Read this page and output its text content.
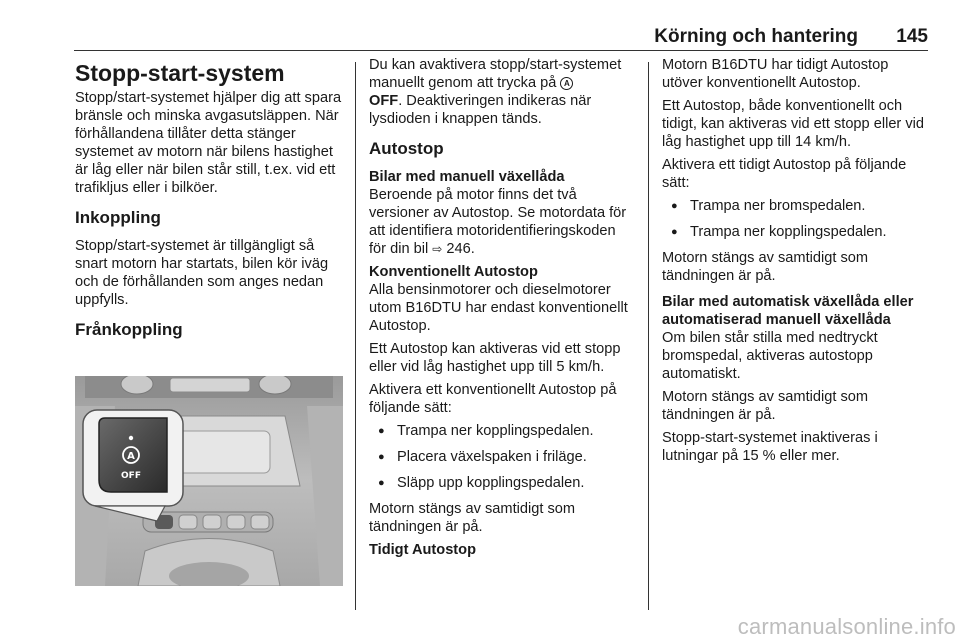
Körning och hantering 145
Stopp-start-system

Stopp/start-systemet hjälper dig att spara bränsle och minska avgasutsläppen. När förhållandena tillåter detta stänger systemet av motorn när bilens hastighet är låg eller när bilen står still, t.ex. vid ett trafikljus eller i bilköer.

Inkoppling

Stopp/start-systemet är tillgängligt så snart motorn har startats, bilen kör iväg och de förhållanden som anges nedan uppfylls.

Frånkoppling
A
OFF

Du kan avaktivera stopp/start-systemet manuellt genom att trycka på A
OFF. Deaktiveringen indikeras när lysdioden i knappen tänds.

Autostop
Bilar med manuell växellåda

Beroende på motor finns det två versioner av Autostop. Se motordata för att identifiera motoridentifieringskoden för din bil ⇨ 246.

Konventionellt Autostop

Alla bensinmotorer och dieselmotorer utom B16DTU har endast konventionellt Autostop.

Ett Autostop kan aktiveras vid ett stopp eller vid låg hastighet upp till 5 km/h.

Aktivera ett konventionellt Autostop på följande sätt:

● Trampa ner kopplingspedalen.
● Placera växelspaken i friläge.
● Släpp upp kopplingspedalen.

Motorn stängs av samtidigt som tändningen är på.

Tidigt Autostop

Motorn B16DTU har tidigt Autostop utöver konventionellt Autostop.

Ett Autostop, både konventionellt och tidigt, kan aktiveras vid ett stopp eller vid låg hastighet upp till 14 km/h.

Aktivera ett tidigt Autostop på följande sätt:

● Trampa ner bromspedalen.
● Trampa ner kopplingspedalen.

Motorn stängs av samtidigt som tändningen är på.

Bilar med automatisk växellåda eller automatiserad manuell växellåda

Om bilen står stilla med nedtryckt bromspedal, aktiveras autostopp automatiskt.

Motorn stängs av samtidigt som tändningen är på.

Stopp-start-systemet inaktiveras i lutningar på 15 % eller mer.

carmanualsonline.info
